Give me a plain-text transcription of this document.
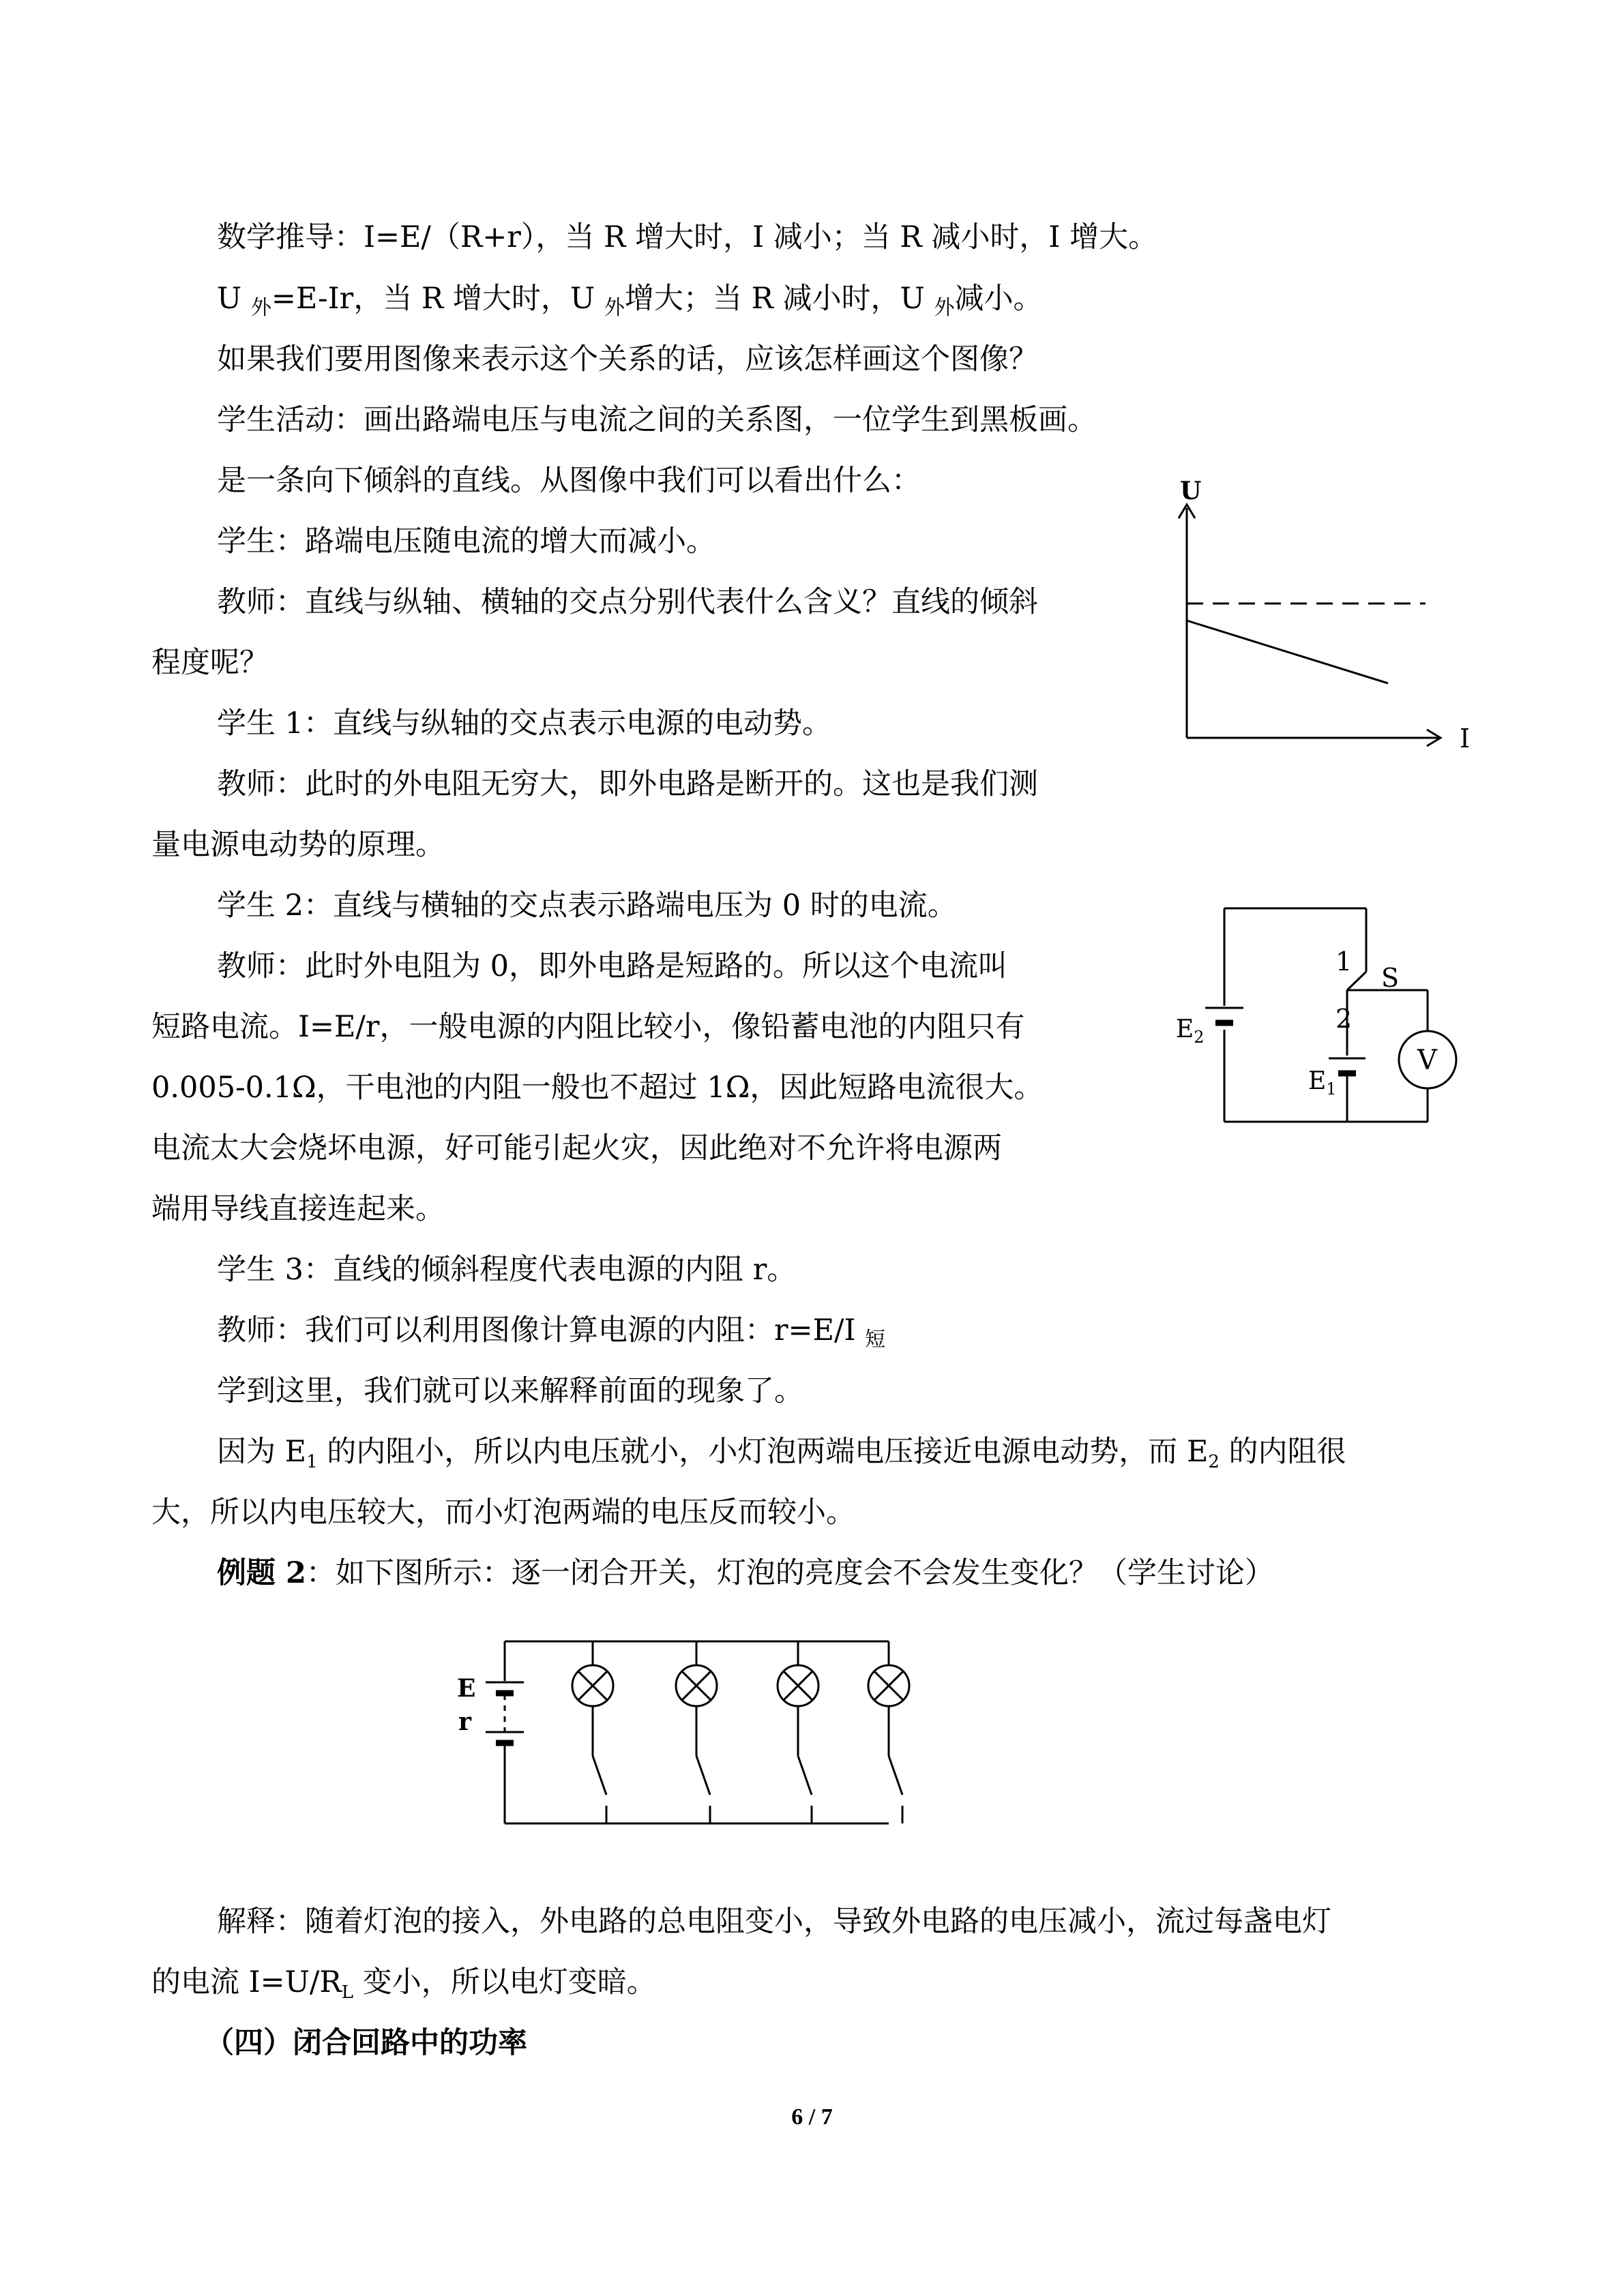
数学推导：I=E/（R+r），当 R 增大时，I 减小；当 R 减小时，I 增大。
U $_外$=E-Ir，当 R 增大时，U $_外$增大；当 R 减小时，U $_外$减小。
如果我们要用图像来表示这个关系的话，应该怎样画这个图像？
学生活动：画出路端电压与电流之间的关系图，一位学生到黑板画。
是一条向下倾斜的直线。从图像中我们可以看出什么：
学生：路端电压随电流的增大而减小。
教师：直线与纵轴、横轴的交点分别代表什么含义？直线的倾斜
程度呢？
学生 1：直线与纵轴的交点表示电源的电动势。
教师：此时的外电阻无穷大，即外电路是断开的。这也是我们测
量电源电动势的原理。
学生 2：直线与横轴的交点表示路端电压为 0 时的电流。
教师：此时外电阻为 0，即外电路是短路的。所以这个电流叫
短路电流。I=E/r，一般电源的内阻比较小，像铅蓄电池的内阻只有
0.005-0.1Ω，干电池的内阻一般也不超过 1Ω，因此短路电流很大。
电流太大会烧坏电源，好可能引起火灾，因此绝对不允许将电源两
端用导线直接连起来。
学生 3：直线的倾斜程度代表电源的内阻 r。
教师：我们可以利用图像计算电源的内阻：r=E/I $_短$
学到这里，我们就可以来解释前面的现象了。
因为 $E_1$ 的内阻小，所以内电压就小，小灯泡两端电压接近电源电动势，而 $E_2$ 的内阻很
大，所以内电压较大，而小灯泡两端的电压反而较小。
例题 2：如下图所示：逐一闭合开关，灯泡的亮度会不会发生变化？（学生讨论）
解释：随着灯泡的接入，外电路的总电阻变小，导致外电路的电压减小，流过每盏电灯
的电流 $I=U/R_L$ 变小，所以电灯变暗。
（四）闭合回路中的功率
U
I
1
S
2
$E_2$
$E_1$
V
E
r
6 / 7
